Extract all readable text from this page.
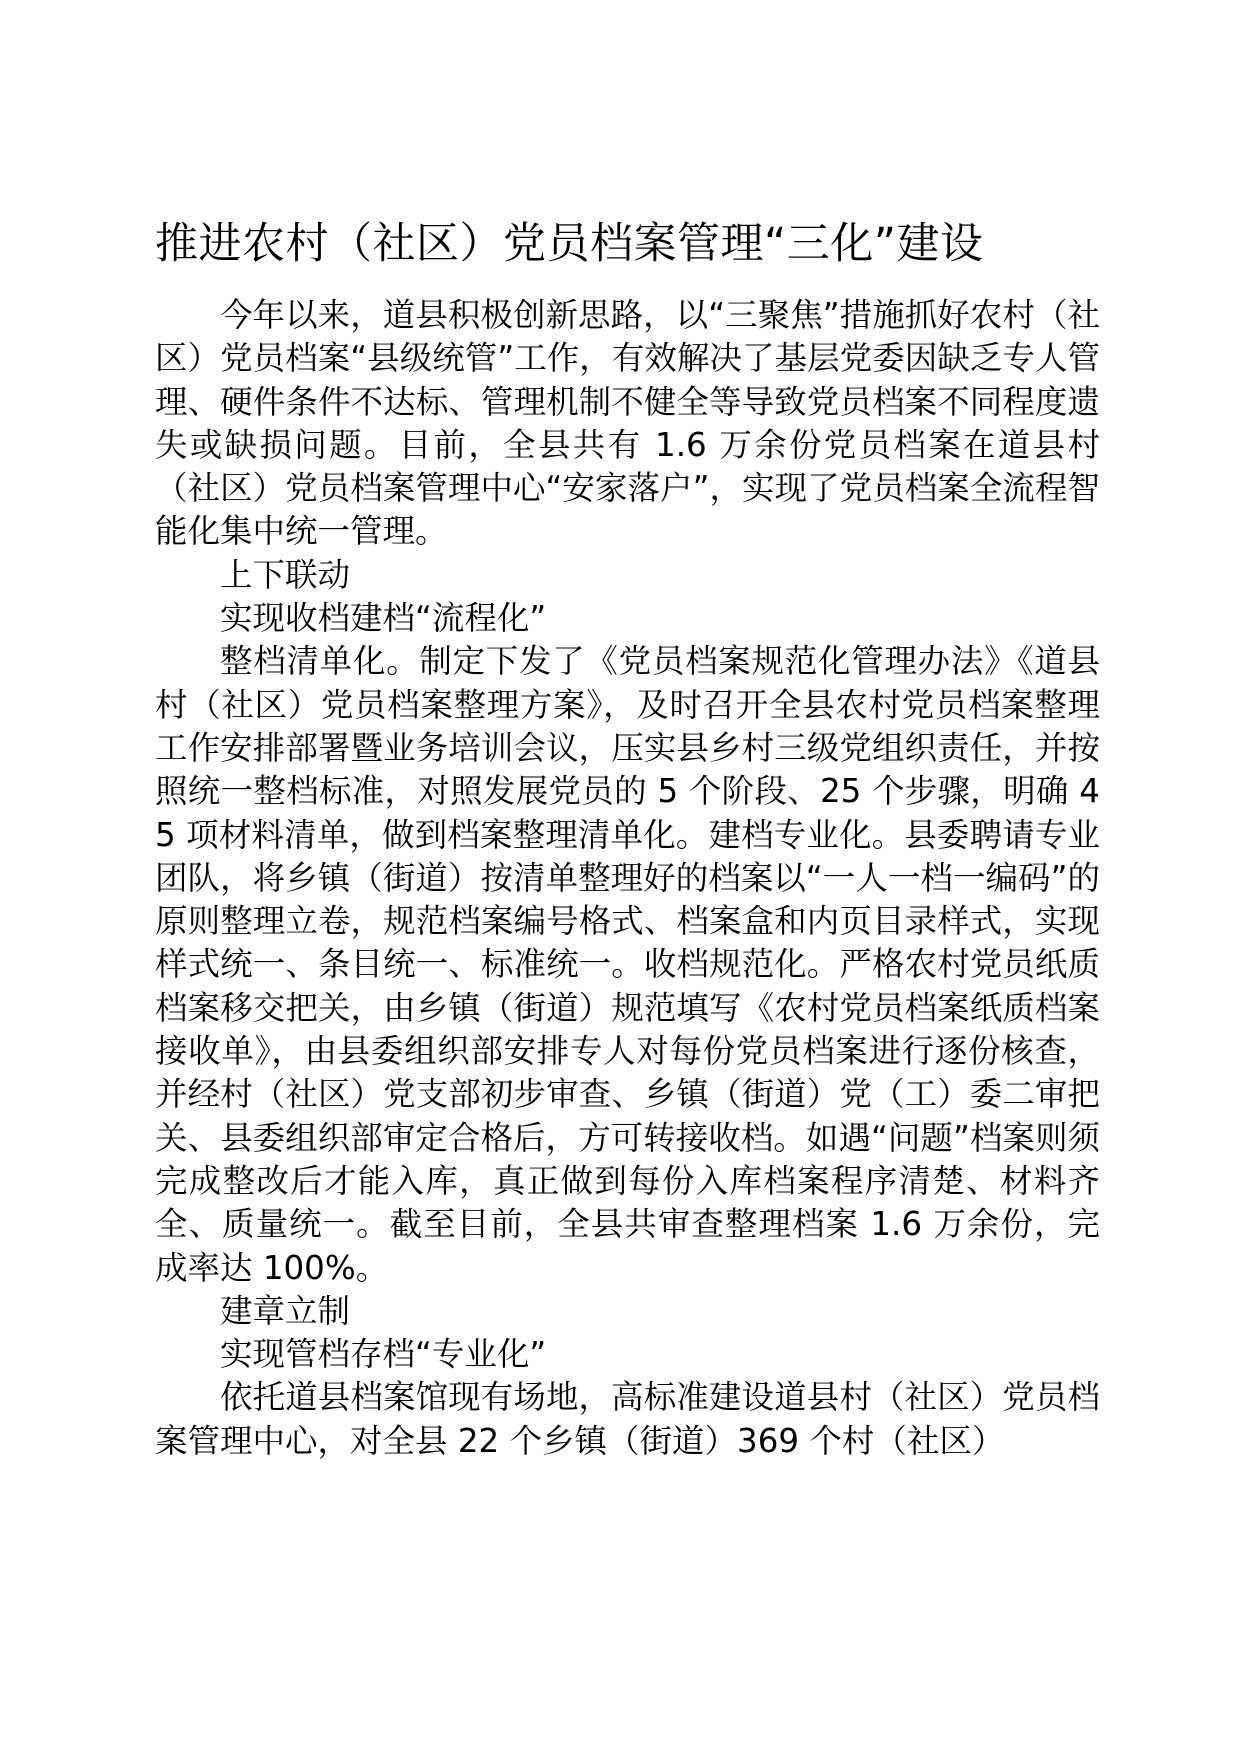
推进农村（社区）党员档案管理“三化”建设

今年以来，道县积极创新思路，以“三聚焦”措施抓好农村（社区）党员档案“县级统管”工作，有效解决了基层党委因缺乏专人管理、硬件条件不达标、管理机制不健全等导致党员档案不同程度遗失或缺损问题。目前，全县共有 1.6 万余份党员档案在道县村（社区）党员档案管理中心“安家落户”，实现了党员档案全流程智能化集中统一管理。

上下联动

实现收档建档“流程化”

整档清单化。制定下发了《党员档案规范化管理办法》《道县村（社区）党员档案整理方案》，及时召开全县农村党员档案整理工作安排部署暨业务培训会议，压实县乡村三级党组织责任，并按照统一整档标准，对照发展党员的 5 个阶段、25 个步骤，明确 45 项材料清单，做到档案整理清单化。建档专业化。县委聘请专业团队，将乡镇（街道）按清单整理好的档案以“一人一档一编码”的原则整理立卷，规范档案编号格式、档案盒和内页目录样式，实现样式统一、条目统一、标准统一。收档规范化。严格农村党员纸质档案移交把关，由乡镇（街道）规范填写《农村党员档案纸质档案接收单》，由县委组织部安排专人对每份党员档案进行逐份核查，并经村（社区）党支部初步审查、乡镇（街道）党（工）委二审把关、县委组织部审定合格后，方可转接收档。如遇“问题”档案则须完成整改后才能入库，真正做到每份入库档案程序清楚、材料齐全、质量统一。截至目前，全县共审查整理档案 1.6 万余份，完成率达 100%。

建章立制

实现管档存档“专业化”

依托道县档案馆现有场地，高标准建设道县村（社区）党员档案管理中心，对全县 22 个乡镇（街道）369 个村（社区）
